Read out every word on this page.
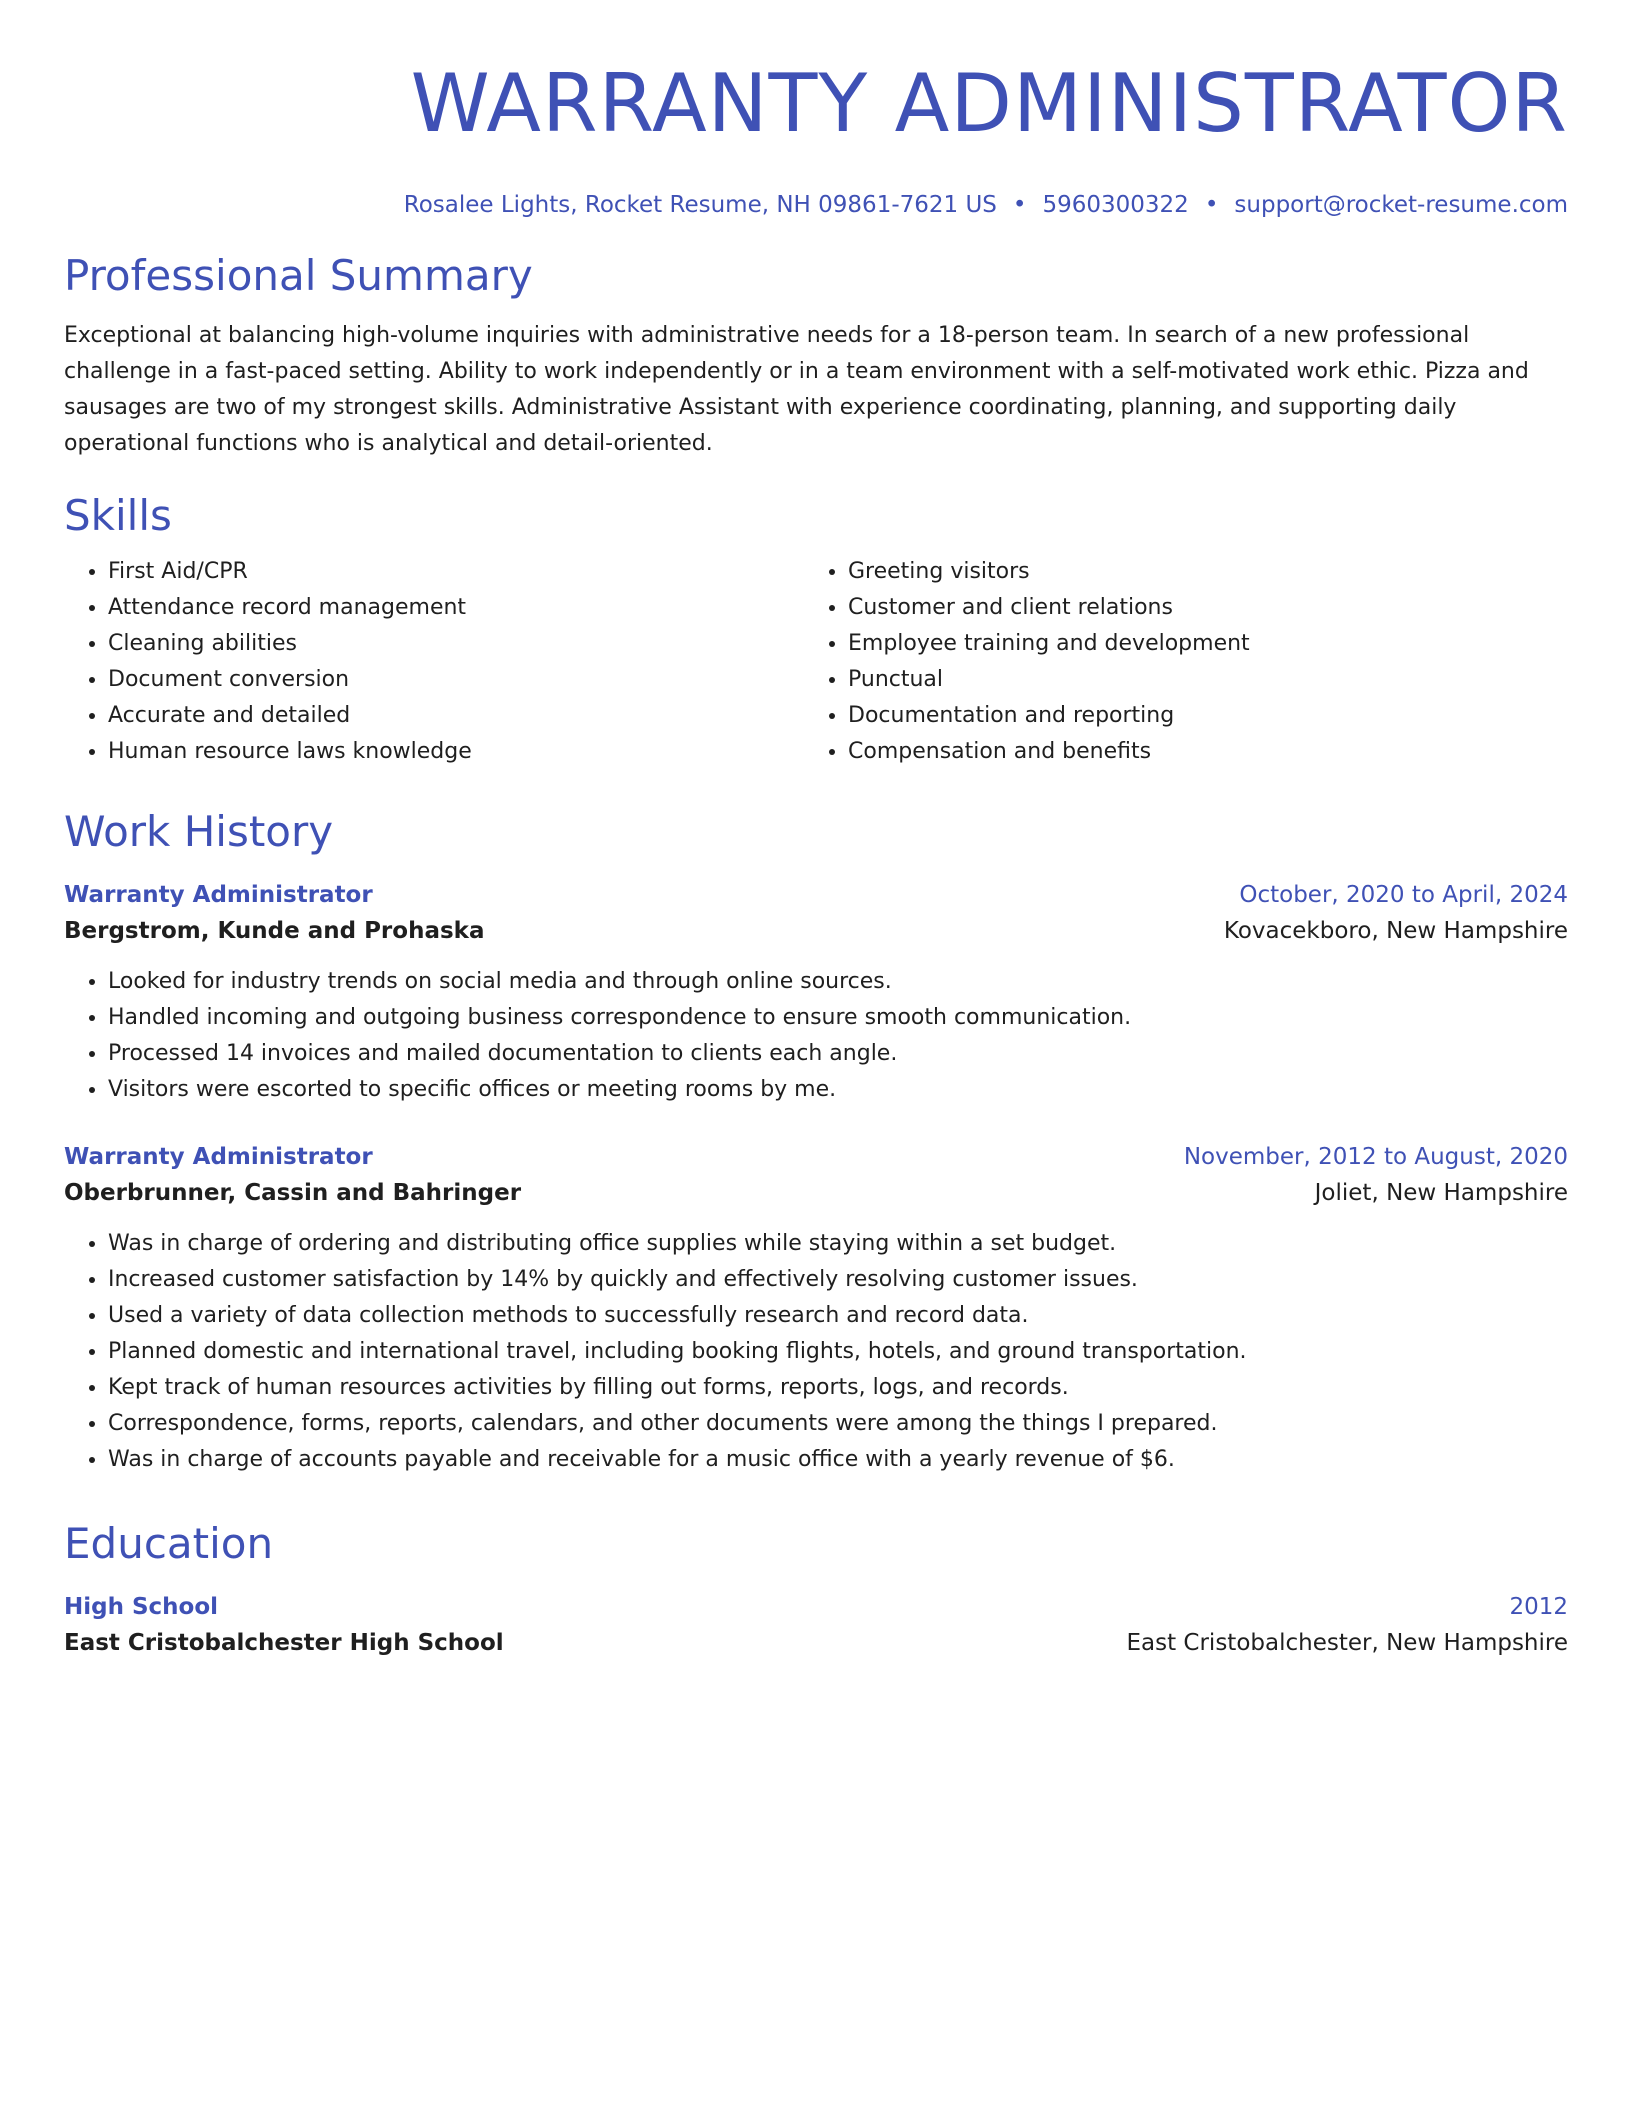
WARRANTY ADMINISTRATOR
Rosalee Lights, Rocket Resume, NH 09861-7621 US • 5960300322 • support@rocket-resume.com
Professional Summary
Exceptional at balancing high-volume inquiries with administrative needs for a 18-person team. In search of a new professional challenge in a fast-paced setting. Ability to work independently or in a team environment with a self-motivated work ethic. Pizza and sausages are two of my strongest skills. Administrative Assistant with experience coordinating, planning, and supporting daily operational functions who is analytical and detail-oriented.
Skills
• First Aid/CPR
• Attendance record management
• Cleaning abilities
• Document conversion
• Accurate and detailed
• Human resource laws knowledge
• Greeting visitors
• Customer and client relations
• Employee training and development
• Punctual
• Documentation and reporting
• Compensation and benefits
Work History
Warranty Administrator	October, 2020 to April, 2024
Bergstrom, Kunde and Prohaska	Kovacekboro, New Hampshire
• Looked for industry trends on social media and through online sources.
• Handled incoming and outgoing business correspondence to ensure smooth communication.
• Processed 14 invoices and mailed documentation to clients each angle.
• Visitors were escorted to specific offices or meeting rooms by me.
Warranty Administrator	November, 2012 to August, 2020
Oberbrunner, Cassin and Bahringer	Joliet, New Hampshire
• Was in charge of ordering and distributing office supplies while staying within a set budget.
• Increased customer satisfaction by 14% by quickly and effectively resolving customer issues.
• Used a variety of data collection methods to successfully research and record data.
• Planned domestic and international travel, including booking flights, hotels, and ground transportation.
• Kept track of human resources activities by filling out forms, reports, logs, and records.
• Correspondence, forms, reports, calendars, and other documents were among the things I prepared.
• Was in charge of accounts payable and receivable for a music office with a yearly revenue of $6.
Education
High School	2012
East Cristobalchester High School	East Cristobalchester, New Hampshire
